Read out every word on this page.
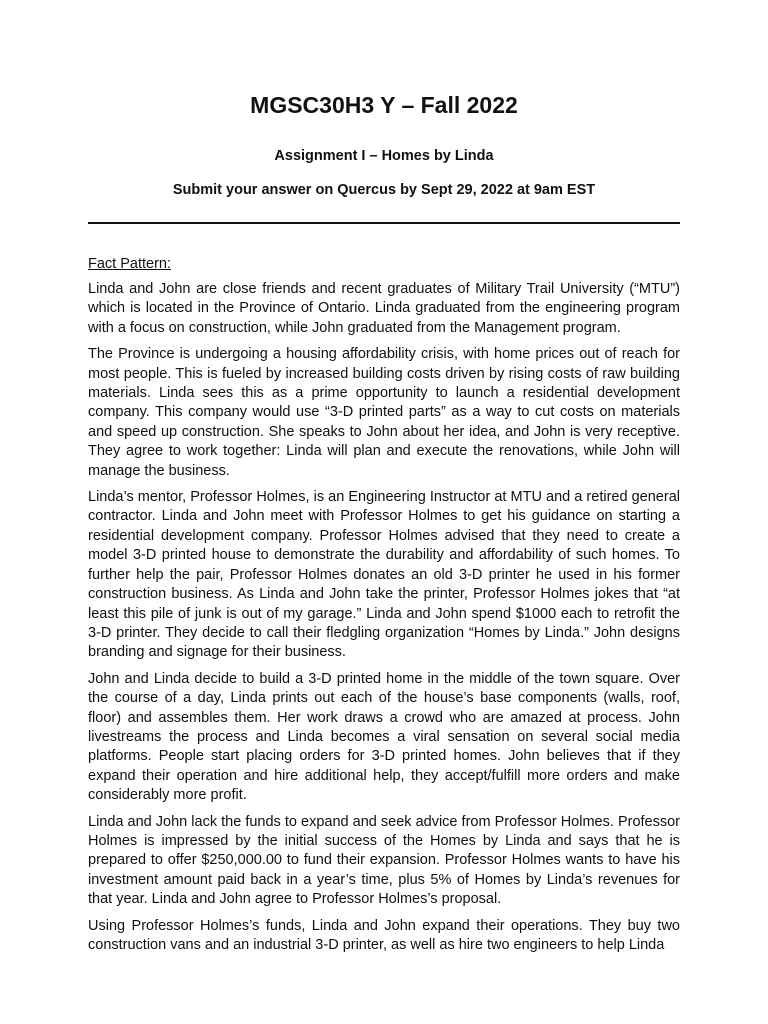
MGSC30H3 Y – Fall 2022
Assignment I – Homes by Linda
Submit your answer on Quercus by Sept 29, 2022 at 9am EST

Fact Pattern:

Linda and John are close friends and recent graduates of Military Trail University (“MTU”) which is located in the Province of Ontario. Linda graduated from the engineering program with a focus on construction, while John graduated from the Management program.

The Province is undergoing a housing affordability crisis, with home prices out of reach for most people. This is fueled by increased building costs driven by rising costs of raw building materials. Linda sees this as a prime opportunity to launch a residential development company. This company would use “3-D printed parts” as a way to cut costs on materials and speed up construction. She speaks to John about her idea, and John is very receptive. They agree to work together: Linda will plan and execute the renovations, while John will manage the business.

Linda’s mentor, Professor Holmes, is an Engineering Instructor at MTU and a retired general contractor. Linda and John meet with Professor Holmes to get his guidance on starting a residential development company. Professor Holmes advised that they need to create a model 3-D printed house to demonstrate the durability and affordability of such homes. To further help the pair, Professor Holmes donates an old 3-D printer he used in his former construction business. As Linda and John take the printer, Professor Holmes jokes that “at least this pile of junk is out of my garage.” Linda and John spend $1000 each to retrofit the 3-D printer. They decide to call their fledgling organization “Homes by Linda.” John designs branding and signage for their business.

John and Linda decide to build a 3-D printed home in the middle of the town square. Over the course of a day, Linda prints out each of the house’s base components (walls, roof, floor) and assembles them. Her work draws a crowd who are amazed at process. John livestreams the process and Linda becomes a viral sensation on several social media platforms. People start placing orders for 3-D printed homes. John believes that if they expand their operation and hire additional help, they accept/fulfill more orders and make considerably more profit.

Linda and John lack the funds to expand and seek advice from Professor Holmes. Professor Holmes is impressed by the initial success of the Homes by Linda and says that he is prepared to offer $250,000.00 to fund their expansion. Professor Holmes wants to have his investment amount paid back in a year’s time, plus 5% of Homes by Linda’s revenues for that year. Linda and John agree to Professor Holmes’s proposal.

Using Professor Holmes’s funds, Linda and John expand their operations. They buy two construction vans and an industrial 3-D printer, as well as hire two engineers to help Linda
